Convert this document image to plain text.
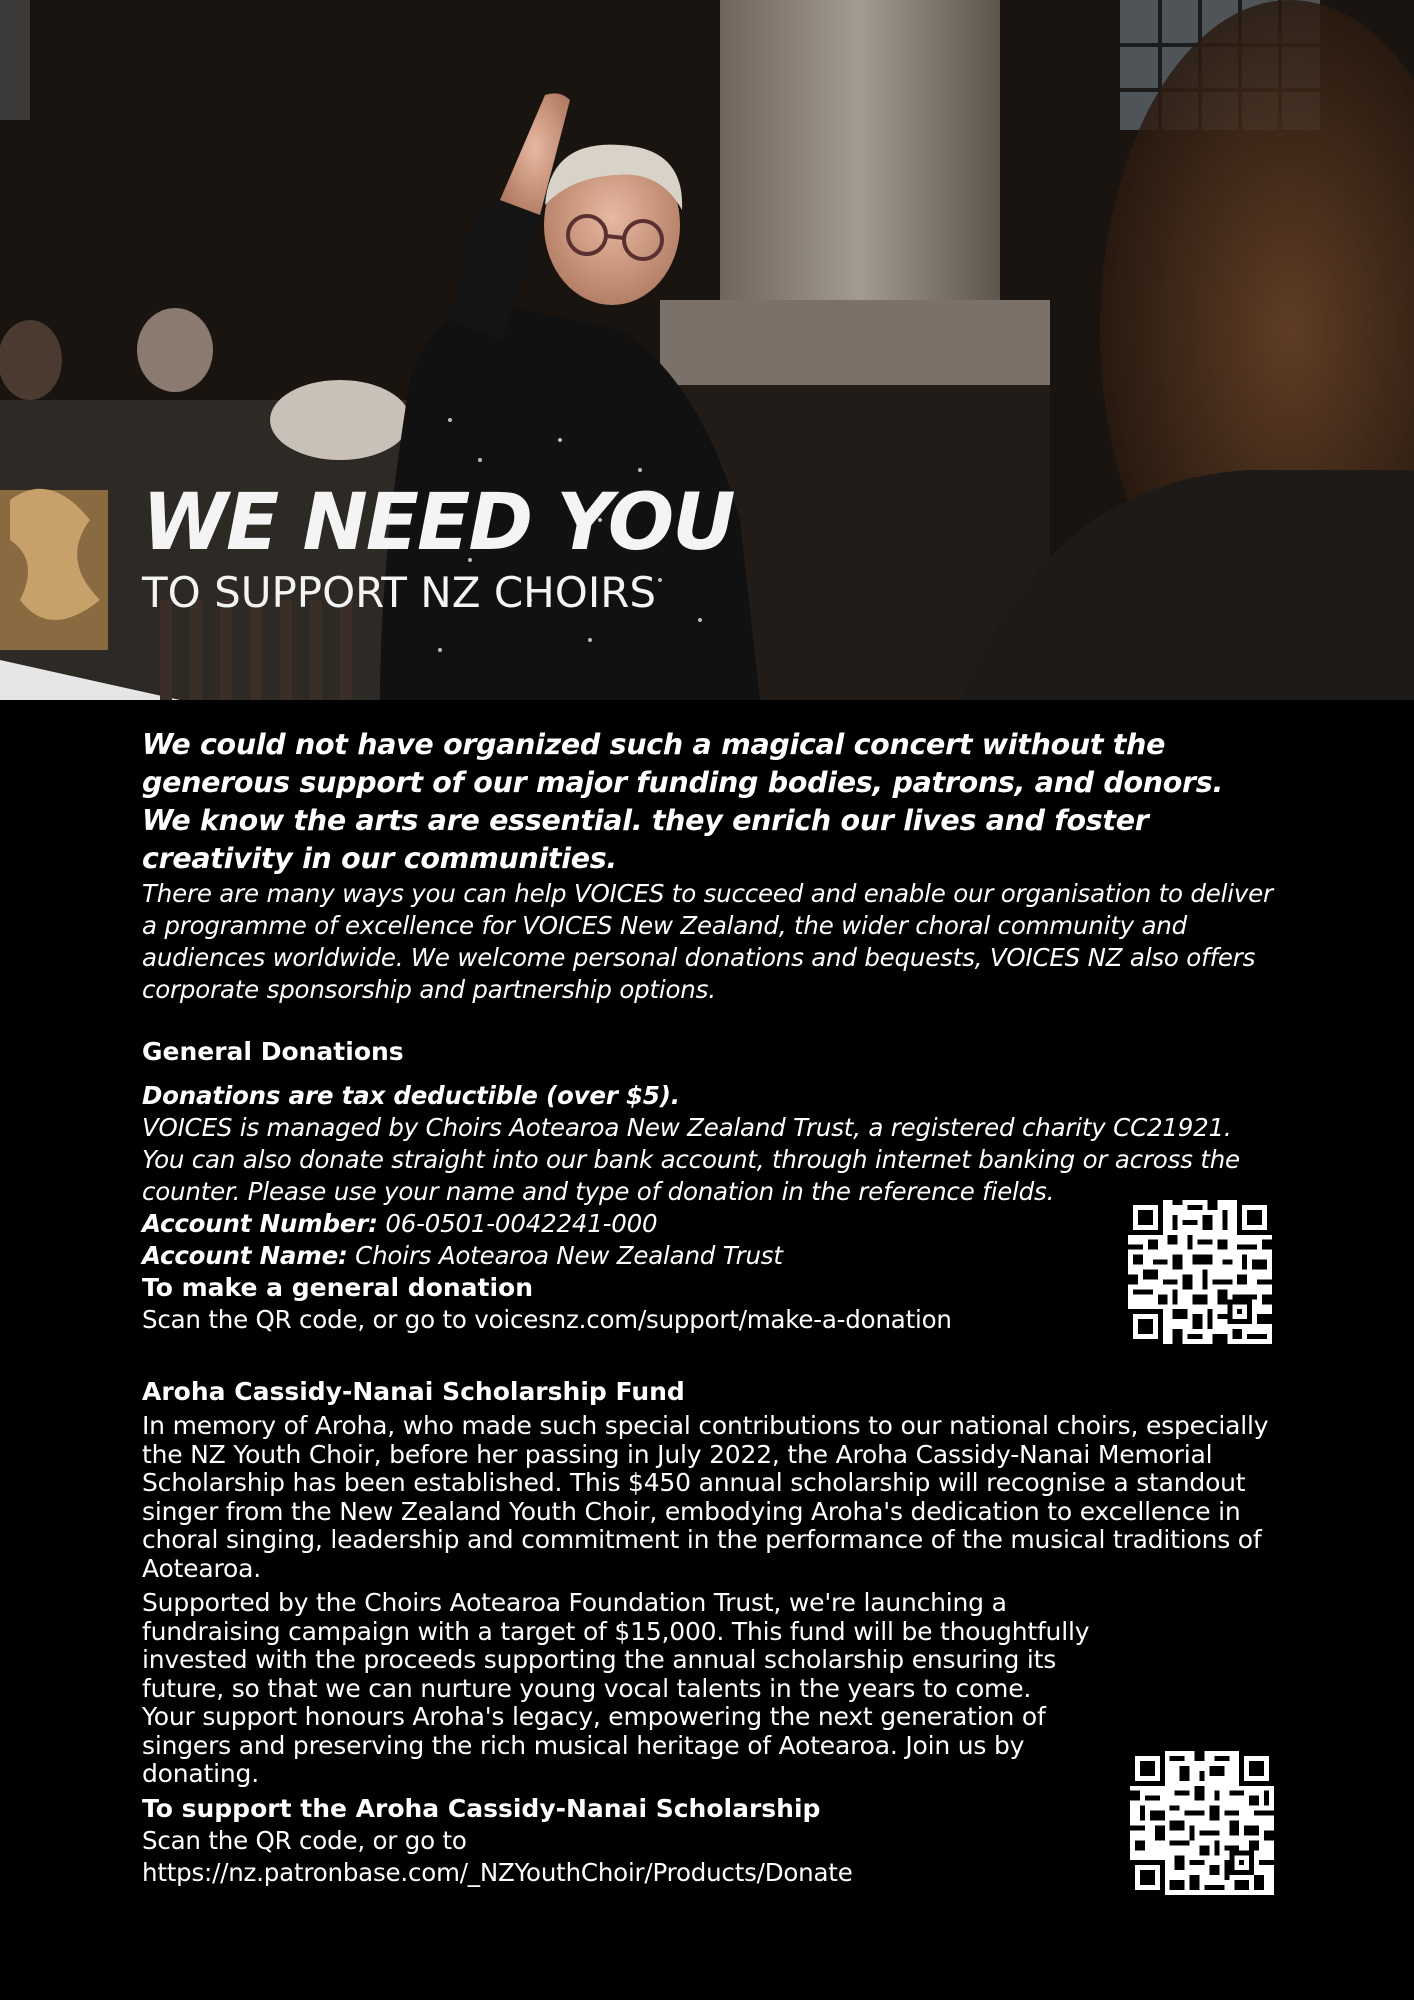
WE NEED YOU
TO SUPPORT NZ CHOIRS

We could not have organized such a magical concert without the generous support of our major funding bodies, patrons, and donors.

We know the arts are essential. they enrich our lives and foster creativity in our communities.

There are many ways you can help VOICES to succeed and enable our organisation to deliver a programme of excellence for VOICES New Zealand, the wider choral community and audiences worldwide. We welcome personal donations and bequests, VOICES NZ also offers corporate sponsorship and partnership options.

General Donations

Donations are tax deductible (over $5).

VOICES is managed by Choirs Aotearoa New Zealand Trust, a registered charity CC21921. You can also donate straight into our bank account, through internet banking or across the counter. Please use your name and type of donation in the reference fields.

Account Number: 06-0501-0042241-000

Account Name: Choirs Aotearoa New Zealand Trust

To make a general donation

Scan the QR code, or go to voicesnz.com/support/make-a-donation

Aroha Cassidy-Nanai Scholarship Fund

In memory of Aroha, who made such special contributions to our national choirs, especially the NZ Youth Choir, before her passing in July 2022, the Aroha Cassidy-Nanai Memorial Scholarship has been established. This $450 annual scholarship will recognise a standout singer from the New Zealand Youth Choir, embodying Aroha's dedication to excellence in choral singing, leadership and commitment in the performance of the musical traditions of Aotearoa.

Supported by the Choirs Aotearoa Foundation Trust, we're launching a fundraising campaign with a target of $15,000. This fund will be thoughtfully invested with the proceeds supporting the annual scholarship ensuring its future, so that we can nurture young vocal talents in the years to come.

Your support honours Aroha's legacy, empowering the next generation of singers and preserving the rich musical heritage of Aotearoa. Join us by donating.

To support the Aroha Cassidy-Nanai Scholarship

Scan the QR code, or go to

https://nz.patronbase.com/_NZYouthChoir/Products/Donate
